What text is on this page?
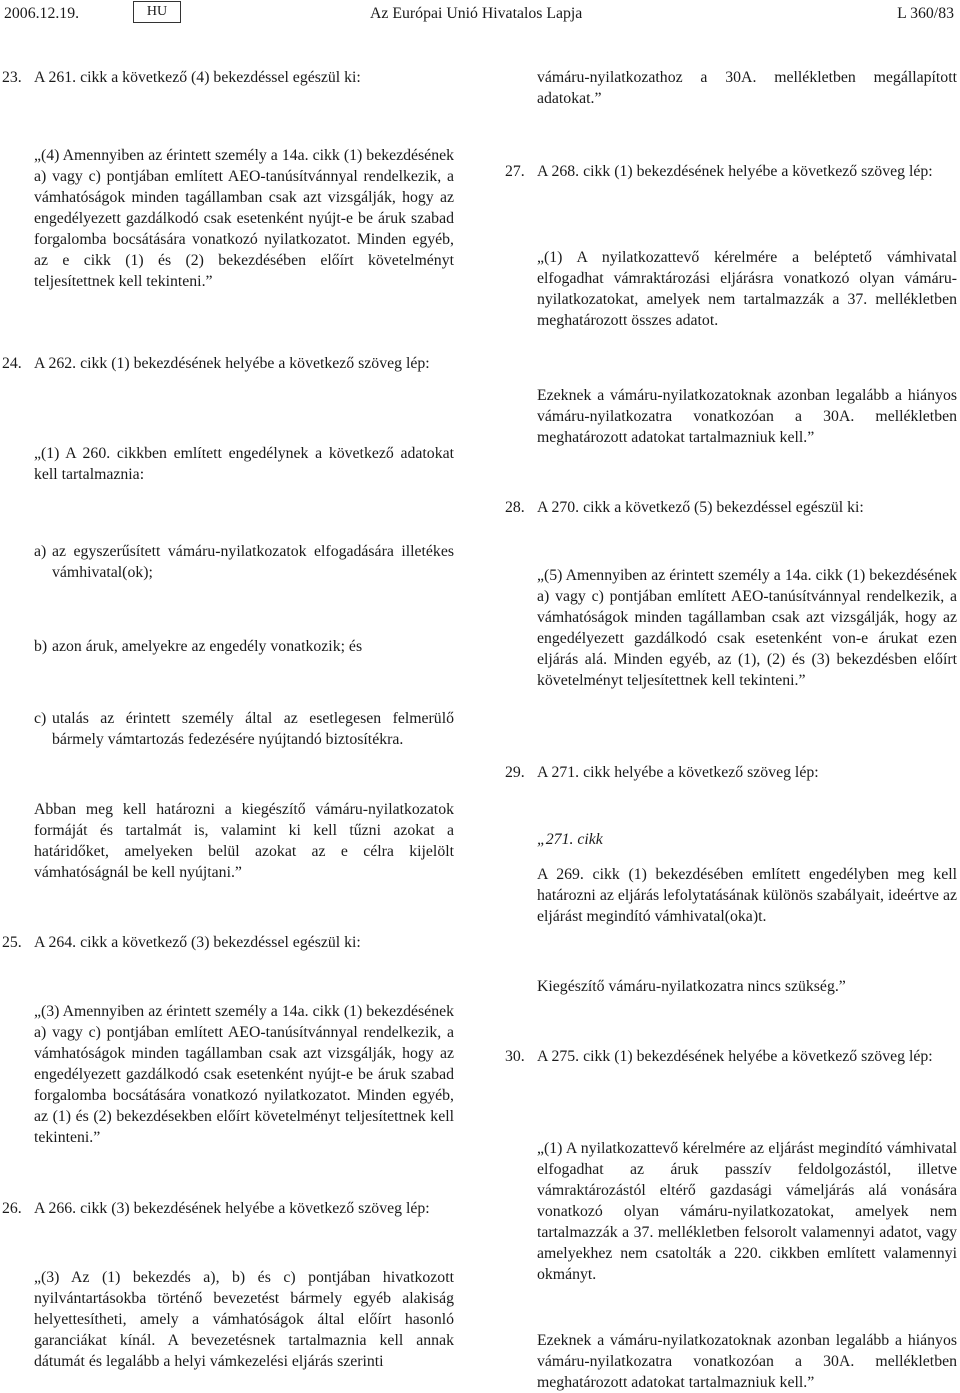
2006.12.19.	HU	Az Európai Unió Hivatalos Lapja	L 360/83
23. A 261. cikk a következő (4) bekezdéssel egészül ki:

„(4) Amennyiben az érintett személy a 14a. cikk (1) bekezdésének a) vagy c) pontjában említett AEO-tanúsítvánnyal rendelkezik, a vámhatóságok minden tagállamban csak azt vizsgálják, hogy az engedélyezett gazdálkodó csak esetenként nyújt-e be áruk szabad forgalomba bocsátására vonatkozó nyilatkozatot. Minden egyéb, az e cikk (1) és (2) bekezdésében előírt követelményt teljesítettnek kell tekinteni.”

24. A 262. cikk (1) bekezdésének helyébe a következő szöveg lép:

„(1) A 260. cikkben említett engedélynek a következő adatokat kell tartalmaznia:

a) az egyszerűsített vámáru-nyilatkozatok elfogadására illetékes vámhivatal(ok);
b) azon áruk, amelyekre az engedély vonatkozik; és
c) utalás az érintett személy által az esetlegesen felmerülő bármely vámtartozás fedezésére nyújtandó biztosítékra.

Abban meg kell határozni a kiegészítő vámáru-nyilatkozatok formáját és tartalmát is, valamint ki kell tűzni azokat a határidőket, amelyeken belül azokat az e célra kijelölt vámhatóságnál be kell nyújtani.”

25. A 264. cikk a következő (3) bekezdéssel egészül ki:

„(3) Amennyiben az érintett személy a 14a. cikk (1) bekezdésének a) vagy c) pontjában említett AEO-tanúsítvánnyal rendelkezik, a vámhatóságok minden tagállamban csak azt vizsgálják, hogy az engedélyezett gazdálkodó csak esetenként nyújt-e be áruk szabad forgalomba bocsátására vonatkozó nyilatkozatot. Minden egyéb, az (1) és (2) bekezdésekben előírt követelményt teljesítettnek kell tekinteni.”

26. A 266. cikk (3) bekezdésének helyébe a következő szöveg lép:

„(3) Az (1) bekezdés a), b) és c) pontjában hivatkozott nyilvántartásokba történő bevezetést bármely egyéb alakiság helyettesítheti, amely a vámhatóságok által előírt hasonló garanciákat kínál. A bevezetésnek tartalmaznia kell annak dátumát és legalább a helyi vámkezelési eljárás szerinti

vámáru-nyilatkozathoz a 30A. mellékletben megállapított adatokat.”

27. A 268. cikk (1) bekezdésének helyébe a következő szöveg lép:

„(1) A nyilatkozattevő kérelmére a beléptető vámhivatal elfogadhat vámraktározási eljárásra vonatkozó olyan vámáru-nyilatkozatokat, amelyek nem tartalmazzák a 37. mellékletben meghatározott összes adatot.

Ezeknek a vámáru-nyilatkozatoknak azonban legalább a hiányos vámáru-nyilatkozatra vonatkozóan a 30A. mellékletben meghatározott adatokat tartalmazniuk kell.”

28. A 270. cikk a következő (5) bekezdéssel egészül ki:

„(5) Amennyiben az érintett személy a 14a. cikk (1) bekezdésének a) vagy c) pontjában említett AEO-tanúsítvánnyal rendelkezik, a vámhatóságok minden tagállamban csak azt vizsgálják, hogy az engedélyezett gazdálkodó csak esetenként von-e árukat ezen eljárás alá. Minden egyéb, az (1), (2) és (3) bekezdésben előírt követelményt teljesítettnek kell tekinteni.”

29. A 271. cikk helyébe a következő szöveg lép:

„271. cikk

A 269. cikk (1) bekezdésében említett engedélyben meg kell határozni az eljárás lefolytatásának különös szabályait, ideértve az eljárást megindító vámhivatal(oka)t.

Kiegészítő vámáru-nyilatkozatra nincs szükség.”

30. A 275. cikk (1) bekezdésének helyébe a következő szöveg lép:

„(1) A nyilatkozattevő kérelmére az eljárást megindító vámhivatal elfogadhat az áruk passzív feldolgozástól, illetve vámraktározástól eltérő gazdasági vámeljárás alá vonására vonatkozó olyan vámáru-nyilatkozatokat, amelyek nem tartalmazzák a 37. mellékletben felsorolt valamennyi adatot, vagy amelyekhez nem csatolták a 220. cikkben említett valamennyi okmányt.

Ezeknek a vámáru-nyilatkozatoknak azonban legalább a hiányos vámáru-nyilatkozatra vonatkozóan a 30A. mellékletben meghatározott adatokat tartalmazniuk kell.”
